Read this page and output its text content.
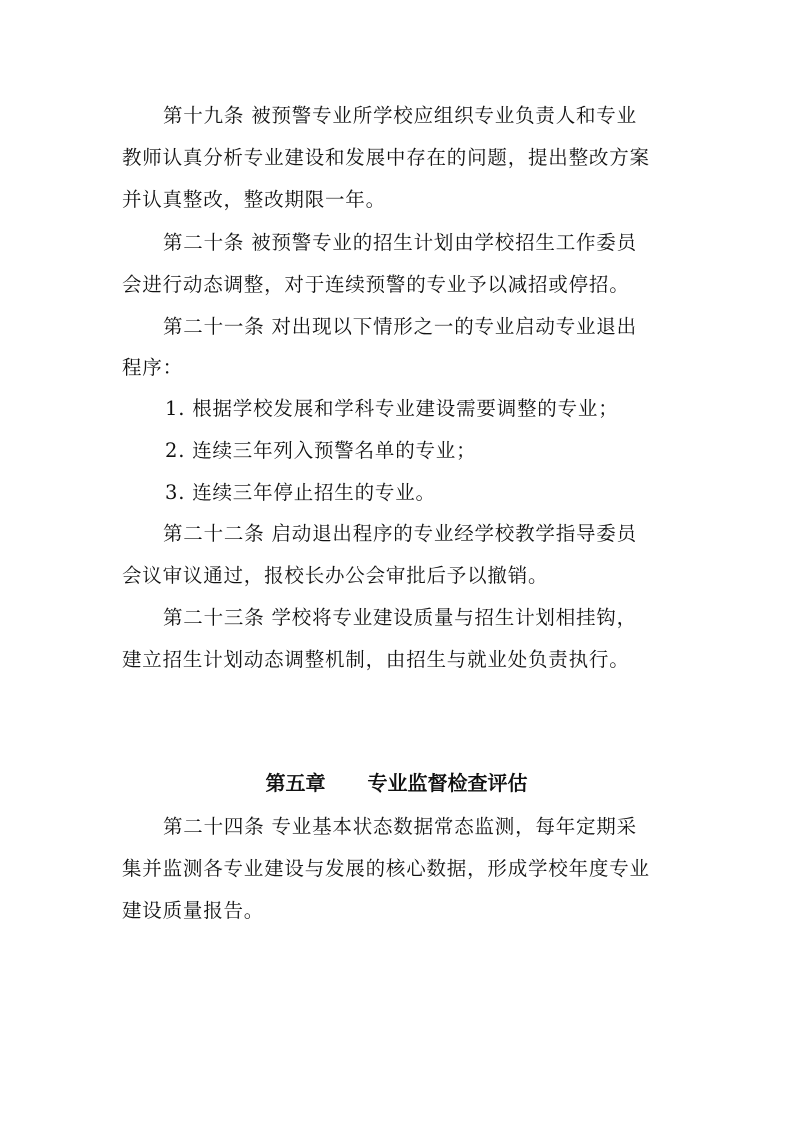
第十九条 被预警专业所学校应组织专业负责人和专业
教师认真分析专业建设和发展中存在的问题，提出整改方案
并认真整改，整改期限一年。
第二十条 被预警专业的招生计划由学校招生工作委员
会进行动态调整，对于连续预警的专业予以减招或停招。
第二十一条 对出现以下情形之一的专业启动专业退出
程序：
1. 根据学校发展和学科专业建设需要调整的专业；
2. 连续三年列入预警名单的专业；
3. 连续三年停止招生的专业。
第二十二条 启动退出程序的专业经学校教学指导委员
会议审议通过，报校长办公会审批后予以撤销。
第二十三条 学校将专业建设质量与招生计划相挂钩，
建立招生计划动态调整机制，由招生与就业处负责执行。
第五章 专业监督检查评估
第二十四条 专业基本状态数据常态监测，每年定期采
集并监测各专业建设与发展的核心数据，形成学校年度专业
建设质量报告。
